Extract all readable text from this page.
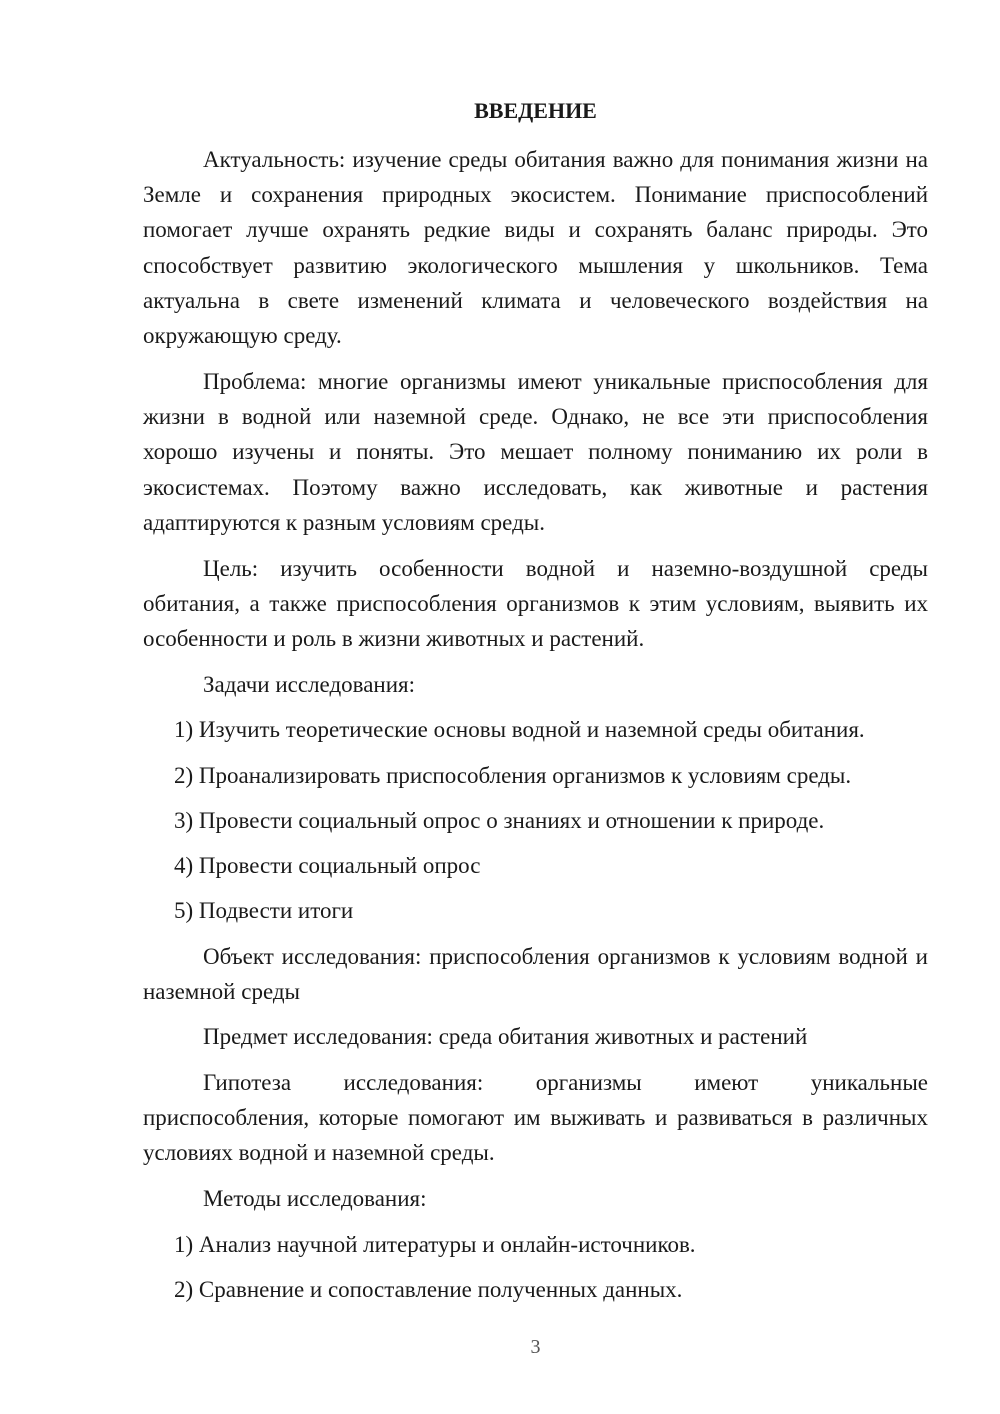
ВВЕДЕНИЕ

Актуальность: изучение среды обитания важно для понимания жизни на Земле и сохранения природных экосистем. Понимание приспособлений помогает лучше охранять редкие виды и сохранять баланс природы. Это способствует развитию экологического мышления у школьников. Тема актуальна в свете изменений климата и человеческого воздействия на окружающую среду.

Проблема: многие организмы имеют уникальные приспособления для жизни в водной или наземной среде. Однако, не все эти приспособления хорошо изучены и поняты. Это мешает полному пониманию их роли в экосистемах. Поэтому важно исследовать, как животные и растения адаптируются к разным условиям среды.

Цель: изучить особенности водной и наземно-воздушной среды обитания, а также приспособления организмов к этим условиям, выявить их особенности и роль в жизни животных и растений.

Задачи исследования:

1) Изучить теоретические основы водной и наземной среды обитания.

2) Проанализировать приспособления организмов к условиям среды.

3) Провести социальный опрос о знаниях и отношении к природе.

4) Провести социальный опрос

5) Подвести итоги

Объект исследования: приспособления организмов к условиям водной и наземной среды

Предмет исследования: среда обитания животных и растений

Гипотеза исследования: организмы имеют уникальные

приспособления, которые помогают им выживать и развиваться в различных условиях водной и наземной среды.

Методы исследования:

1) Анализ научной литературы и онлайн-источников.

2) Сравнение и сопоставление полученных данных.

3
